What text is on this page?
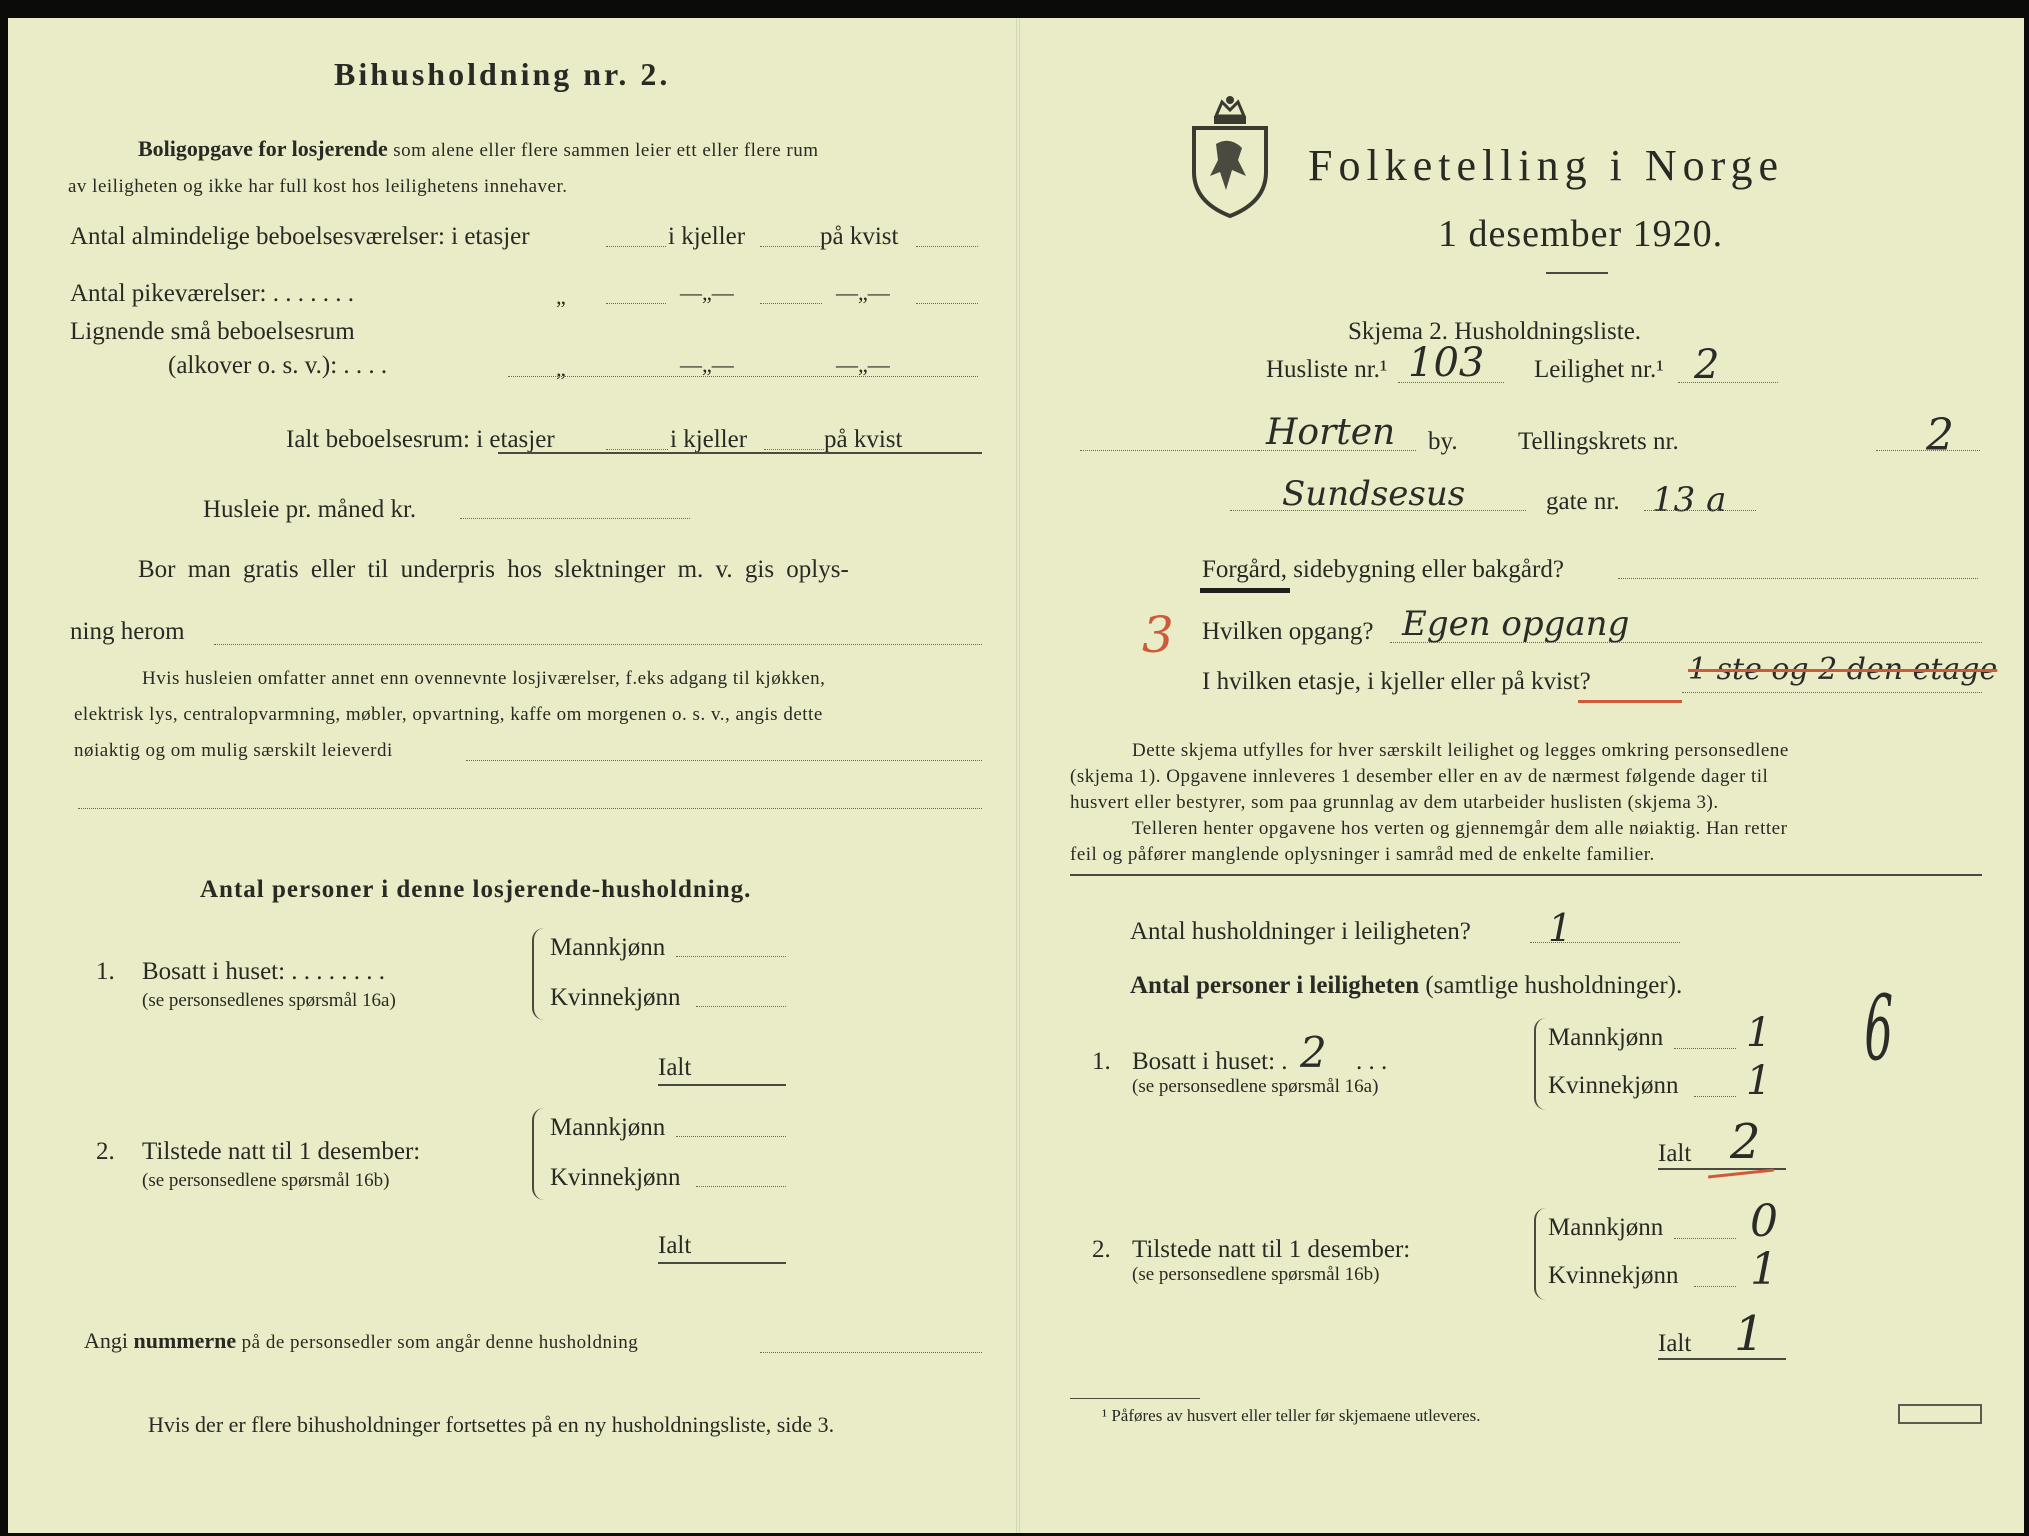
Bihusholdning nr. 2.
Boligopgave for losjerende som alene eller flere sammen leier ett eller flere rum
av leiligheten og ikke har full kost hos leilighetens innehaver.
Antal almindelige beboelsesværelser: i etasjer	i kjeller	på kvist
Antal pikeværelser: . . . . . . .	„	—„—	—„—
Lignende små beboelsesrum
(alkover o. s. v.): . . . .	„	—„—	—„—
Ialt beboelsesrum: i etasjer	i kjeller	på kvist
Husleie pr. måned kr.
Bor man gratis eller til underpris hos slektninger m. v. gis oplys-
ning herom
Hvis husleien omfatter annet enn ovennevnte losjiværelser, f.eks adgang til kjøkken,
elektrisk lys, centralopvarmning, møbler, opvartning, kaffe om morgenen o. s. v., angis dette
nøiaktig og om mulig særskilt leieverdi
Antal personer i denne losjerende-husholdning.
1. Bosatt i huset: . . . . . . . .
(se personsedlenes spørsmål 16a)
Mannkjønn
Kvinnekjønn
Ialt
2. Tilstede natt til 1 desember:
(se personsedlene spørsmål 16b)
Mannkjønn
Kvinnekjønn
Ialt
Angi nummerne på de personsedler som angår denne husholdning
Hvis der er flere bihusholdninger fortsettes på en ny husholdningsliste, side 3.
Folketelling i Norge
1 desember 1920.
Skjema 2. Husholdningsliste.
Husliste nr.¹ 103 Leilighet nr.¹ 2
Horten by. Tellingskrets nr.	2
Sundsesus	gate nr. 13 a
Forgård, sidebygning eller bakgård?
3 Hvilken opgang? Egen opgang
I hvilken etasje, i kjeller eller på kvist?	1 ste og 2 den etage
Dette skjema utfylles for hver særskilt leilighet og legges omkring personsedlene
(skjema 1). Opgavene innleveres 1 desember eller en av de nærmest følgende dager til
husvert eller bestyrer, som paa grunnlag av dem utarbeider huslisten (skjema 3).
Telleren henter opgavene hos verten og gjennemgår dem alle nøiaktig. Han retter
feil og påfører manglende oplysninger i samråd med de enkelte familier.
Antal husholdninger i leiligheten? 1
Antal personer i leiligheten (samtlige husholdninger). 6
1. Bosatt i huset: . 2 . . .
(se personsedlene spørsmål 16a)
Mannkjønn 1
Kvinnekjønn 1
Ialt 2
2. Tilstede natt til 1 desember:
(se personsedlene spørsmål 16b)
Mannkjønn 0
Kvinnekjønn 1
Ialt 1
¹ Påføres av husvert eller teller før skjemaene utleveres.
